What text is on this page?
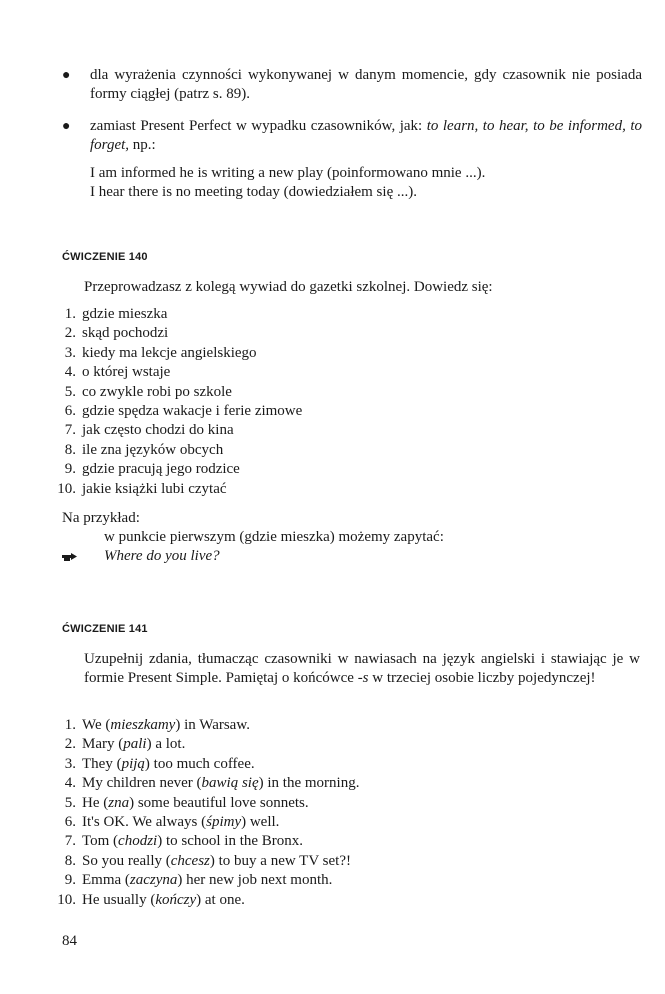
● dla wyrażenia czynności wykonywanej w danym momencie, gdy czasownik nie posiada formy ciągłej (patrz s. 89).
● zamiast Present Perfect w wypadku czasowników, jak: to learn, to hear, to be informed, to forget, np.:
I am informed he is writing a new play (poinformowano mnie ...).
I hear there is no meeting today (dowiedziałem się ...).
ĆWICZENIE 140
Przeprowadzasz z kolegą wywiad do gazetki szkolnej. Dowiedz się:
1. gdzie mieszka
2. skąd pochodzi
3. kiedy ma lekcje angielskiego
4. o której wstaje
5. co zwykle robi po szkole
6. gdzie spędza wakacje i ferie zimowe
7. jak często chodzi do kina
8. ile zna języków obcych
9. gdzie pracują jego rodzice
10. jakie książki lubi czytać
Na przykład:
w punkcie pierwszym (gdzie mieszka) możemy zapytać:
Where do you live?
ĆWICZENIE 141
Uzupełnij zdania, tłumacząc czasowniki w nawiasach na język angielski i stawiając je w formie Present Simple. Pamiętaj o końcówce -s w trzeciej osobie liczby pojedynczej!
1. We (mieszkamy) in Warsaw.
2. Mary (pali) a lot.
3. They (piją) too much coffee.
4. My children never (bawią się) in the morning.
5. He (zna) some beautiful love sonnets.
6. It's OK. We always (śpimy) well.
7. Tom (chodzi) to school in the Bronx.
8. So you really (chcesz) to buy a new TV set?!
9. Emma (zaczyna) her new job next month.
10. He usually (kończy) at one.
84
